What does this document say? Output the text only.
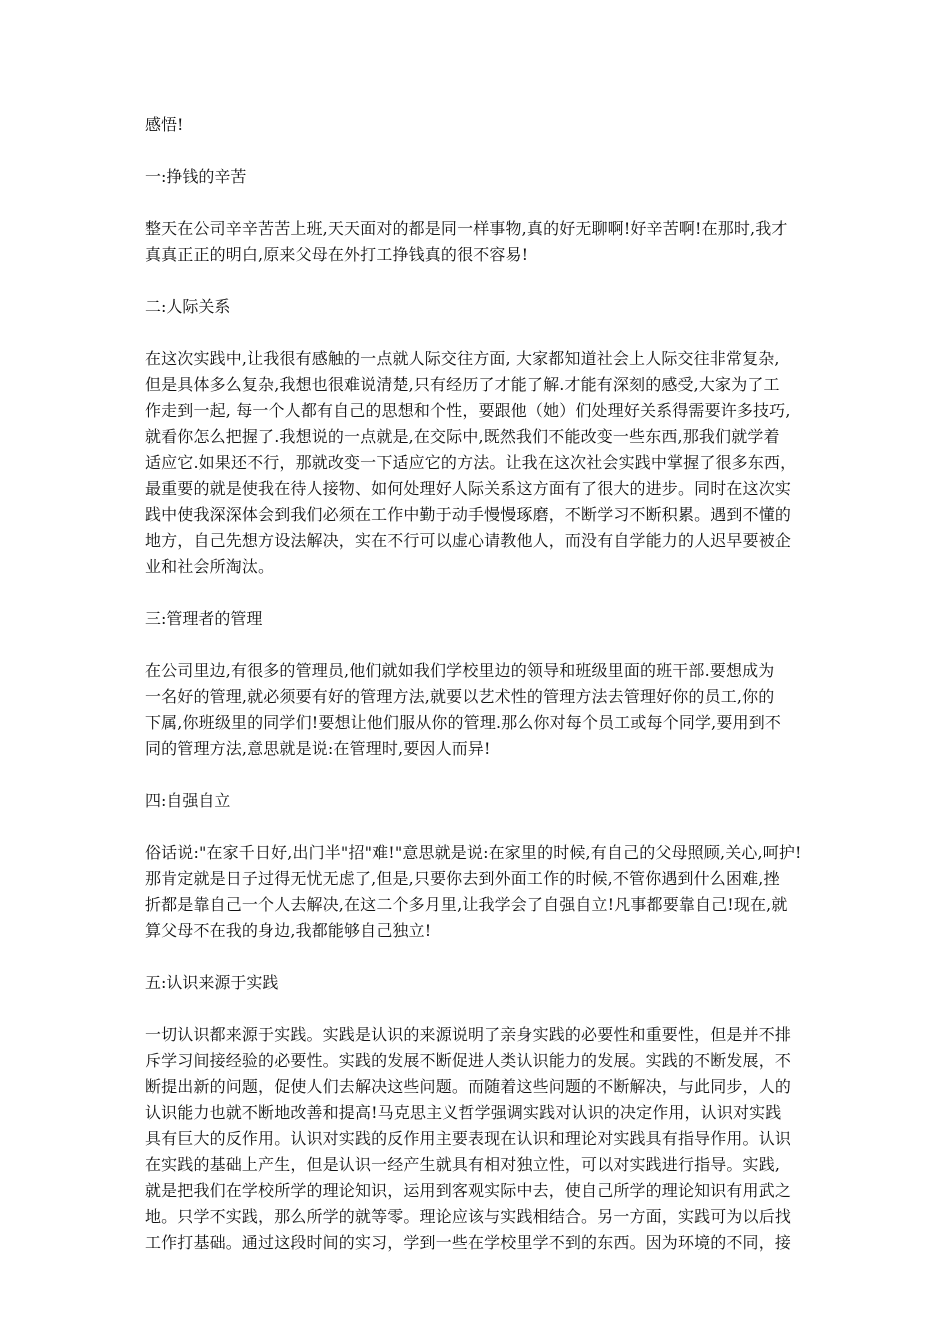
感悟!
一:挣钱的辛苦
整天在公司辛辛苦苦上班,天天面对的都是同一样事物,真的好无聊啊!好辛苦啊!在那时,我才
真真正正的明白,原来父母在外打工挣钱真的很不容易!
二:人际关系
在这次实践中,让我很有感触的一点就人际交往方面, 大家都知道社会上人际交往非常复杂,
但是具体多么复杂,我想也很难说清楚,只有经历了才能了解.才能有深刻的感受,大家为了工
作走到一起, 每一个人都有自己的思想和个性，要跟他（她）们处理好关系得需要许多技巧,
就看你怎么把握了.我想说的一点就是,在交际中,既然我们不能改变一些东西,那我们就学着
适应它.如果还不行，那就改变一下适应它的方法。让我在这次社会实践中掌握了很多东西，
最重要的就是使我在待人接物、如何处理好人际关系这方面有了很大的进步。同时在这次实
践中使我深深体会到我们必须在工作中勤于动手慢慢琢磨，不断学习不断积累。遇到不懂的
地方，自己先想方设法解决，实在不行可以虚心请教他人，而没有自学能力的人迟早要被企
业和社会所淘汰。
三:管理者的管理
在公司里边,有很多的管理员,他们就如我们学校里边的领导和班级里面的班干部.要想成为
一名好的管理,就必须要有好的管理方法,就要以艺术性的管理方法去管理好你的员工,你的
下属,你班级里的同学们!要想让他们服从你的管理.那么你对每个员工或每个同学,要用到不
同的管理方法,意思就是说:在管理时,要因人而异!
四:自强自立
俗话说:"在家千日好,出门半"招"难!"意思就是说:在家里的时候,有自己的父母照顾,关心,呵护!
那肯定就是日子过得无忧无虑了,但是,只要你去到外面工作的时候,不管你遇到什么困难,挫
折都是靠自己一个人去解决,在这二个多月里,让我学会了自强自立!凡事都要靠自己!现在,就
算父母不在我的身边,我都能够自己独立!
五:认识来源于实践
一切认识都来源于实践。实践是认识的来源说明了亲身实践的必要性和重要性，但是并不排
斥学习间接经验的必要性。实践的发展不断促进人类认识能力的发展。实践的不断发展，不
断提出新的问题，促使人们去解决这些问题。而随着这些问题的不断解决，与此同步，人的
认识能力也就不断地改善和提高!马克思主义哲学强调实践对认识的决定作用，认识对实践
具有巨大的反作用。认识对实践的反作用主要表现在认识和理论对实践具有指导作用。认识
在实践的基础上产生，但是认识一经产生就具有相对独立性，可以对实践进行指导。实践,
就是把我们在学校所学的理论知识，运用到客观实际中去，使自己所学的理论知识有用武之
地。只学不实践，那么所学的就等零。理论应该与实践相结合。另一方面，实践可为以后找
工作打基础。通过这段时间的实习，学到一些在学校里学不到的东西。因为环境的不同，接
